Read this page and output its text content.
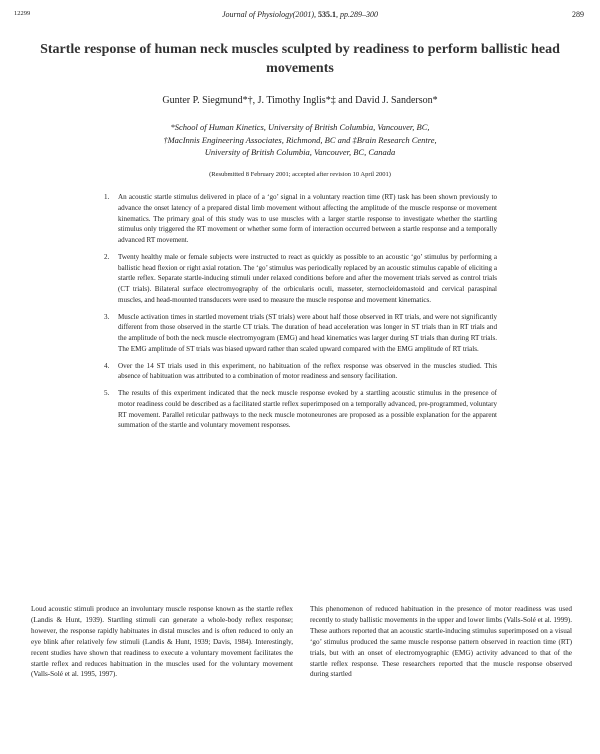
12299	Journal of Physiology(2001), 535.1, pp.289–300	289
Startle response of human neck muscles sculpted by readiness to perform ballistic head movements
Gunter P. Siegmund*†, J. Timothy Inglis*‡ and David J. Sanderson*
*School of Human Kinetics, University of British Columbia, Vancouver, BC,
†MacInnis Engineering Associates, Richmond, BC and ‡Brain Research Centre,
University of British Columbia, Vancouver, BC, Canada
(Resubmitted 8 February 2001; accepted after revision 10 April 2001)
1. An acoustic startle stimulus delivered in place of a ‘go’ signal in a voluntary reaction time (RT) task has been shown previously to advance the onset latency of a prepared distal limb movement without affecting the amplitude of the muscle response or movement kinematics. The primary goal of this study was to use muscles with a larger startle response to investigate whether the startling stimulus only triggered the RT movement or whether some form of interaction occurred between a startle response and a temporally advanced RT movement.
2. Twenty healthy male or female subjects were instructed to react as quickly as possible to an acoustic ‘go’ stimulus by performing a ballistic head flexion or right axial rotation. The ‘go’ stimulus was periodically replaced by an acoustic stimulus capable of eliciting a startle reflex. Separate startle-inducing stimuli under relaxed conditions before and after the movement trials served as control trials (CT trials). Bilateral surface electromyography of the orbicularis oculi, masseter, sternocleidomastoid and cervical paraspinal muscles, and head-mounted transducers were used to measure the muscle response and movement kinematics.
3. Muscle activation times in startled movement trials (ST trials) were about half those observed in RT trials, and were not significantly different from those observed in the startle CT trials. The duration of head acceleration was longer in ST trials than in RT trials and the amplitude of both the neck muscle electromyogram (EMG) and head kinematics was larger during ST trials than during RT trials. The EMG amplitude of ST trials was biased upward rather than scaled upward compared with the EMG amplitude of RT trials.
4. Over the 14 ST trials used in this experiment, no habituation of the reflex response was observed in the muscles studied. This absence of habituation was attributed to a combination of motor readiness and sensory facilitation.
5. The results of this experiment indicated that the neck muscle response evoked by a startling acoustic stimulus in the presence of motor readiness could be described as a facilitated startle reflex superimposed on a temporally advanced, pre-programmed, voluntary RT movement. Parallel reticular pathways to the neck muscle motoneurones are proposed as a possible explanation for the apparent summation of the startle and voluntary movement responses.
Loud acoustic stimuli produce an involuntary muscle response known as the startle reflex (Landis & Hunt, 1939). Startling stimuli can generate a whole-body reflex response; however, the response rapidly habituates in distal muscles and is often reduced to only an eye blink after relatively few stimuli (Landis & Hunt, 1939; Davis, 1984). Interestingly, recent studies have shown that readiness to execute a voluntary movement facilitates the startle reflex and reduces habituation in the muscles used for the voluntary movement (Valls-Solé et al. 1995, 1997).
This phenomenon of reduced habituation in the presence of motor readiness was used recently to study ballistic movements in the upper and lower limbs (Valls-Solé et al. 1999). These authors reported that an acoustic startle-inducing stimulus superimposed on a visual ‘go’ stimulus produced the same muscle response pattern observed in reaction time (RT) trials, but with an onset of electromyographic (EMG) activity advanced to that of the startle reflex response. These researchers reported that the muscle response observed during startled
